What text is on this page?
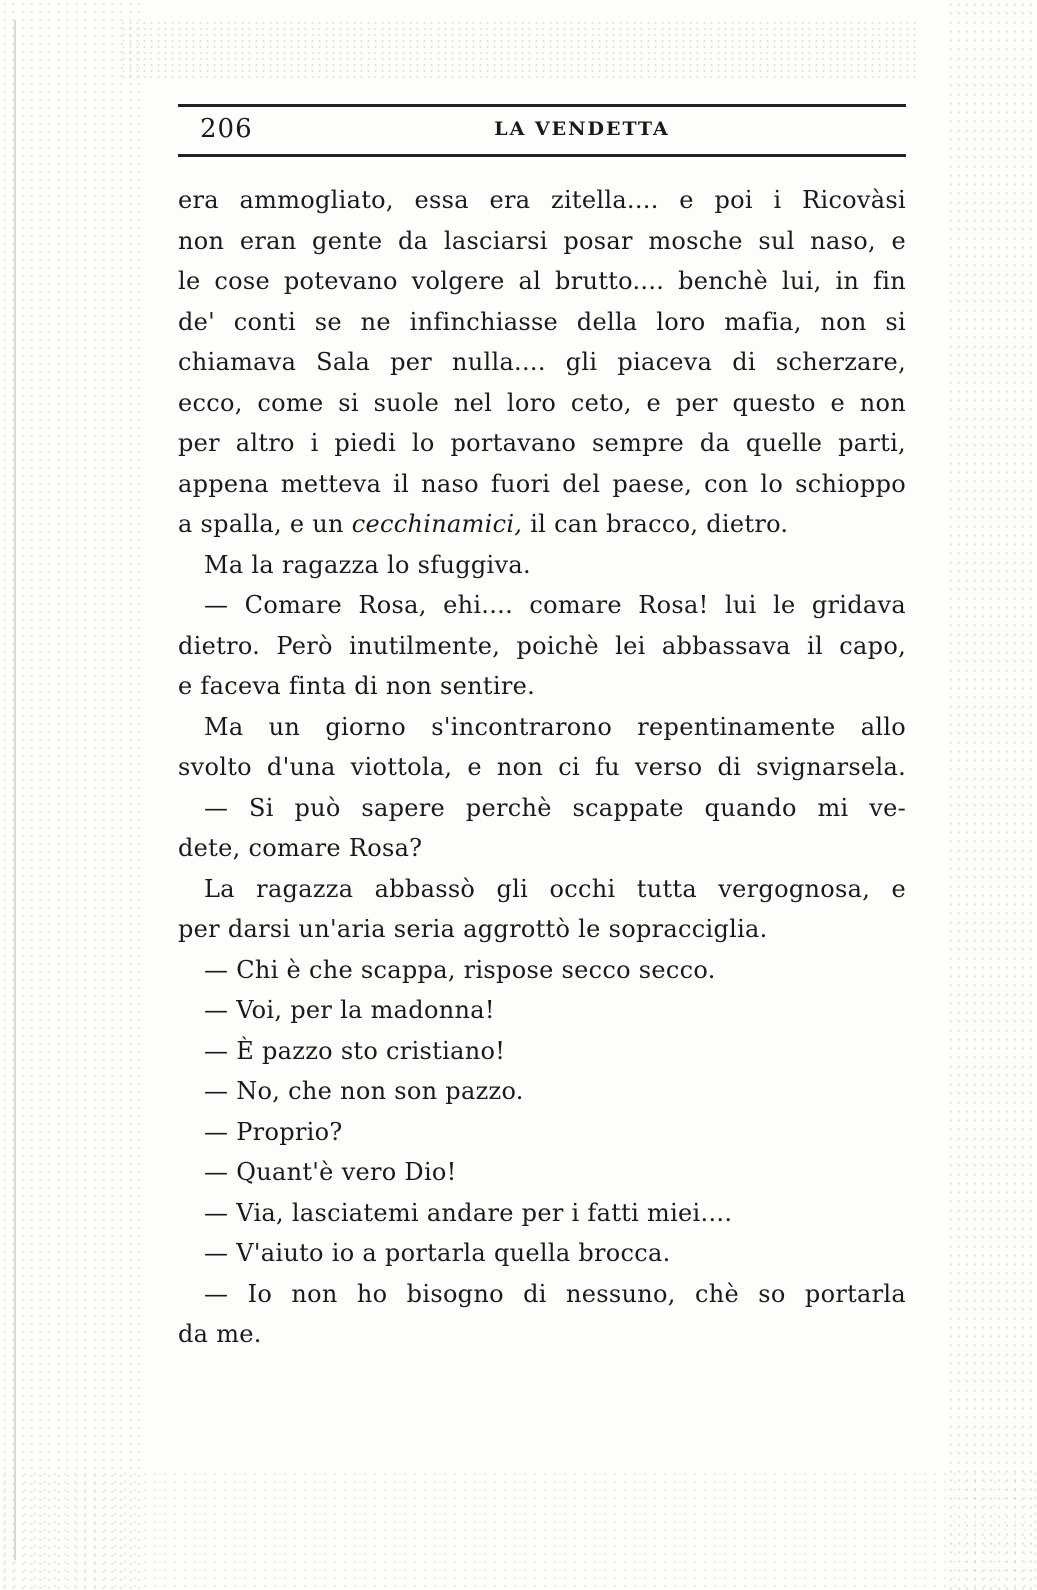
206	LA VENDETTA
era ammogliato, essa era zitella.... e poi i Ricovàsi
non eran gente da lasciarsi posar mosche sul naso, e
le cose potevano volgere al brutto.... benchè lui, in fin
de' conti se ne infinchiasse della loro mafia, non si
chiamava Sala per nulla.... gli piaceva di scherzare,
ecco, come si suole nel loro ceto, e per questo e non
per altro i piedi lo portavano sempre da quelle parti,
appena metteva il naso fuori del paese, con lo schioppo
a spalla, e un cecchinamici, il can bracco, dietro.
Ma la ragazza lo sfuggiva.
— Comare Rosa, ehi.... comare Rosa! lui le gridava
dietro. Però inutilmente, poichè lei abbassava il capo,
e faceva finta di non sentire.
Ma un giorno s'incontrarono repentinamente allo
svolto d'una viottola, e non ci fu verso di svignarsela.
— Si può sapere perchè scappate quando mi ve-
dete, comare Rosa?
La ragazza abbassò gli occhi tutta vergognosa, e
per darsi un'aria seria aggrottò le sopracciglia.
— Chi è che scappa, rispose secco secco.
— Voi, per la madonna!
— È pazzo sto cristiano!
— No, che non son pazzo.
— Proprio?
— Quant'è vero Dio!
— Via, lasciatemi andare per i fatti miei....
— V'aiuto io a portarla quella brocca.
— Io non ho bisogno di nessuno, chè so portarla
da me.
